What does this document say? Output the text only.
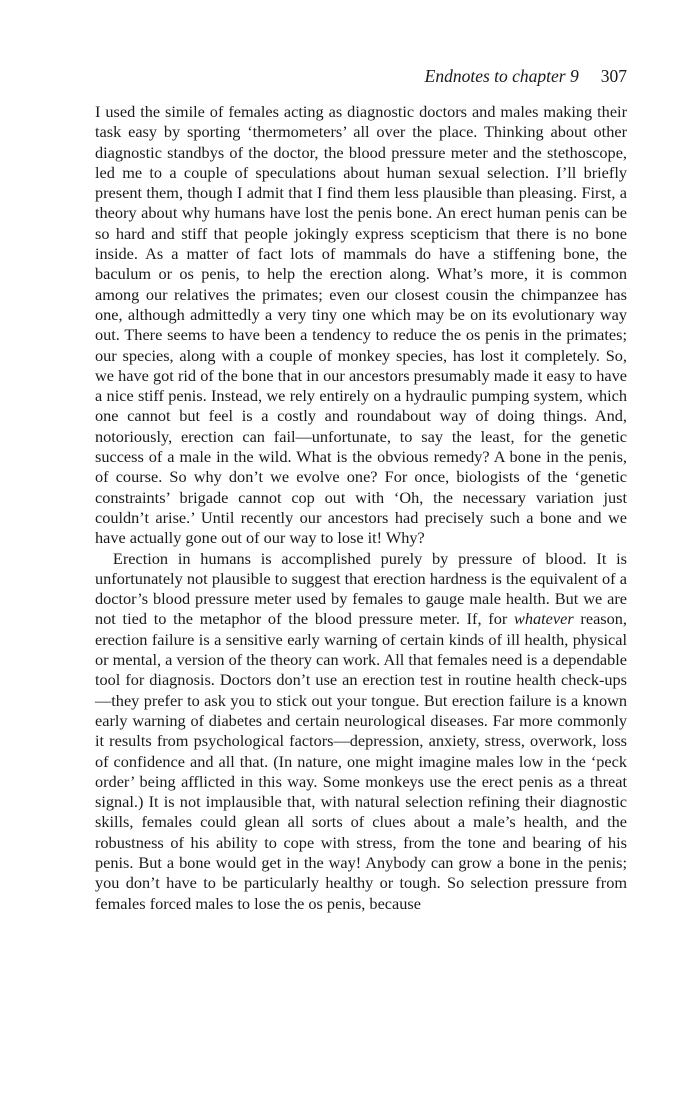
Endnotes to chapter 9 307

I used the simile of females acting as diagnostic doctors and males making their task easy by sporting ‘thermometers’ all over the place. Thinking about other diagnostic standbys of the doctor, the blood pressure meter and the stethoscope, led me to a couple of speculations about human sexual selection. I’ll briefly present them, though I admit that I find them less plausible than pleasing. First, a theory about why humans have lost the penis bone. An erect human penis can be so hard and stiff that people jokingly express scepticism that there is no bone inside. As a matter of fact lots of mammals do have a stiffening bone, the baculum or os penis, to help the erection along. What’s more, it is common among our relatives the primates; even our closest cousin the chimpanzee has one, although admittedly a very tiny one which may be on its evolutionary way out. There seems to have been a tendency to reduce the os penis in the primates; our species, along with a couple of monkey species, has lost it completely. So, we have got rid of the bone that in our ancestors presumably made it easy to have a nice stiff penis. Instead, we rely entirely on a hydraulic pumping system, which one cannot but feel is a costly and roundabout way of doing things. And, notoriously, erection can fail—unfortunate, to say the least, for the genetic success of a male in the wild. What is the obvious remedy? A bone in the penis, of course. So why don’t we evolve one? For once, biologists of the ‘genetic constraints’ brigade cannot cop out with ‘Oh, the necessary variation just couldn’t arise.’ Until recently our ancestors had precisely such a bone and we have actually gone out of our way to lose it! Why?

Erection in humans is accomplished purely by pressure of blood. It is unfortunately not plausible to suggest that erection hardness is the equivalent of a doctor’s blood pressure meter used by females to gauge male health. But we are not tied to the metaphor of the blood pressure meter. If, for whatever reason, erection failure is a sensitive early warning of certain kinds of ill health, physical or mental, a version of the theory can work. All that females need is a dependable tool for diagnosis. Doctors don’t use an erection test in routine health check-ups—they prefer to ask you to stick out your tongue. But erection failure is a known early warning of diabetes and certain neurological diseases. Far more commonly it results from psychological factors—depression, anxiety, stress, overwork, loss of confidence and all that. (In nature, one might imagine males low in the ‘peck order’ being afflicted in this way. Some monkeys use the erect penis as a threat signal.) It is not implausible that, with natural selection refining their diagnostic skills, females could glean all sorts of clues about a male’s health, and the robustness of his ability to cope with stress, from the tone and bearing of his penis. But a bone would get in the way! Anybody can grow a bone in the penis; you don’t have to be particularly healthy or tough. So selection pressure from females forced males to lose the os penis, because
